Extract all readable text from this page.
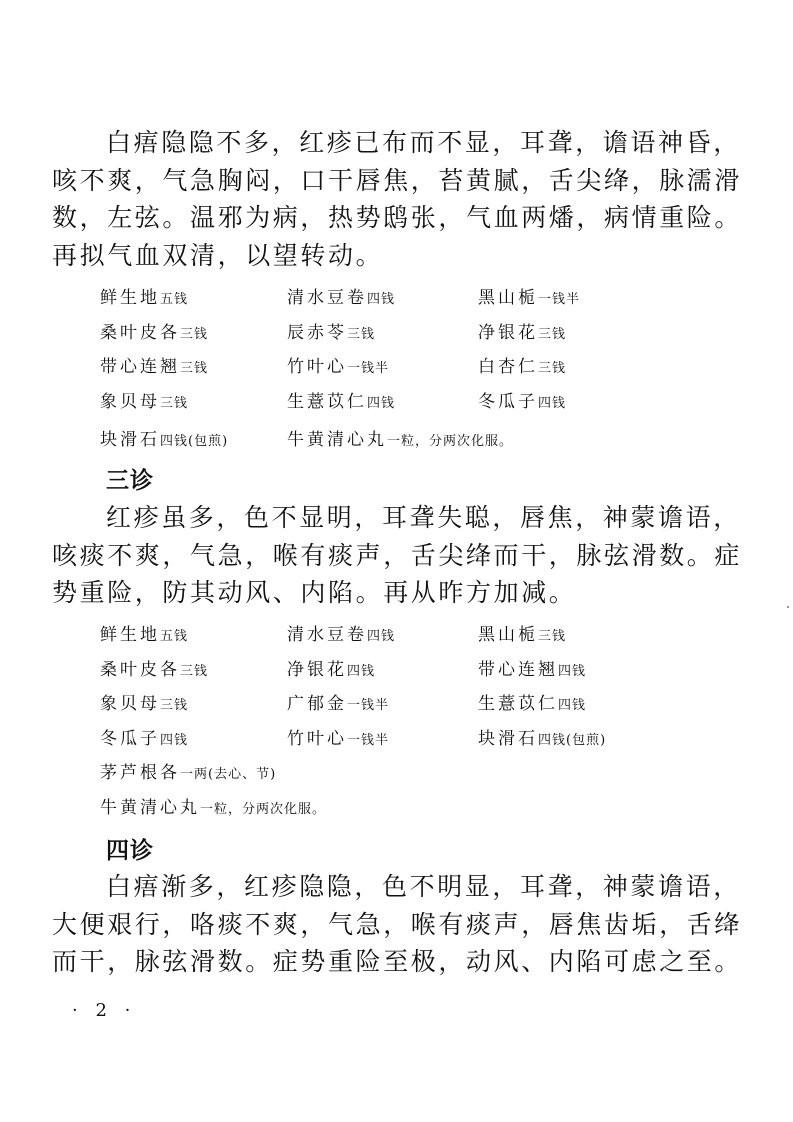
白痦隐隐不多，红疹已布而不显，耳聋，谵语神昏，
咳不爽，气急胸闷，口干唇焦，苔黄腻，舌尖绛，脉濡滑
数，左弦。温邪为病，热势鸱张，气血两燔，病情重险。
再拟气血双清，以望转动。
鲜生地五钱	清水豆卷四钱	黑山栀一钱半
桑叶皮各三钱	辰赤苓三钱	净银花三钱
带心连翘三钱	竹叶心一钱半	白杏仁三钱
象贝母三钱	生薏苡仁四钱	冬瓜子四钱
块滑石四钱(包煎)	牛黄清心丸一粒，分两次化服。
三诊
红疹虽多，色不显明，耳聋失聪，唇焦，神蒙谵语，
咳痰不爽，气急，喉有痰声，舌尖绛而干，脉弦滑数。症
势重险，防其动风、内陷。再从昨方加减。
鲜生地五钱	清水豆卷四钱	黑山栀三钱
桑叶皮各三钱	净银花四钱	带心连翘四钱
象贝母三钱	广郁金一钱半	生薏苡仁四钱
冬瓜子四钱	竹叶心一钱半	块滑石四钱(包煎)
茅芦根各一两(去心、节)
牛黄清心丸一粒，分两次化服。
四诊
白痦渐多，红疹隐隐，色不明显，耳聋，神蒙谵语，
大便艰行，咯痰不爽，气急，喉有痰声，唇焦齿垢，舌绛
而干，脉弦滑数。症势重险至极，动风、内陷可虑之至。
· 2 ·
